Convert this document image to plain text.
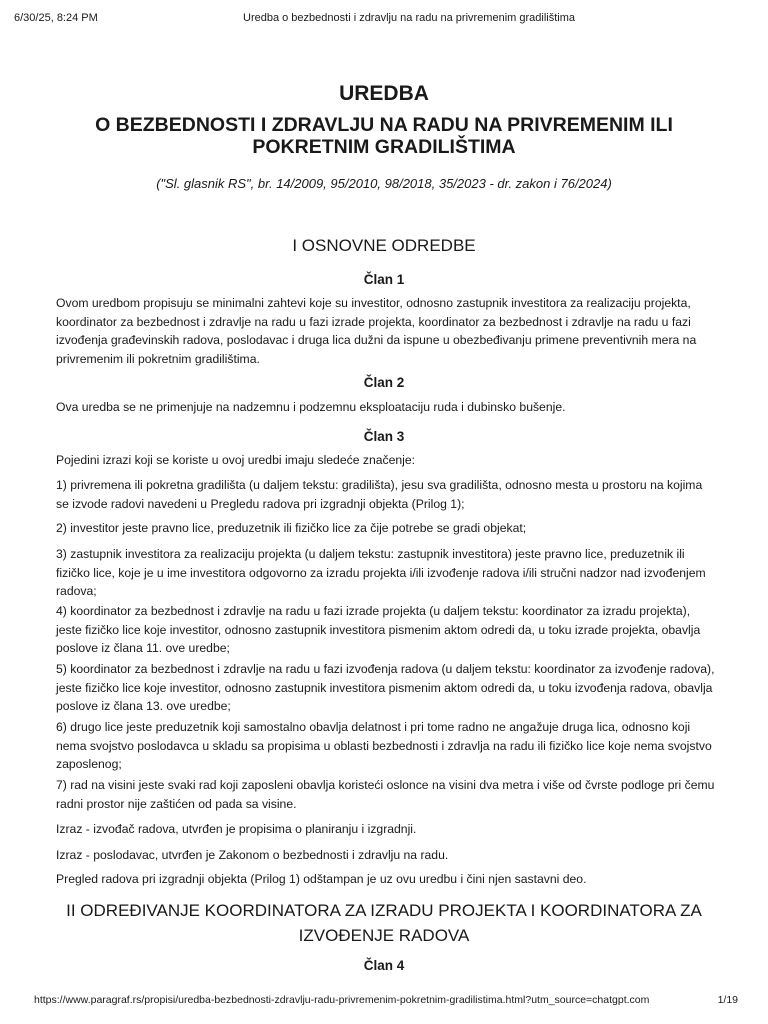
6/30/25, 8:24 PM	Uredba o bezbednosti i zdravlju na radu na privremenim gradilištima
UREDBA
O BEZBEDNOSTI I ZDRAVLJU NA RADU NA PRIVREMENIM ILI POKRETNIM GRADILIŠTIMA
("Sl. glasnik RS", br. 14/2009, 95/2010, 98/2018, 35/2023 - dr. zakon i 76/2024)
I OSNOVNE ODREDBE
Član 1
Ovom uredbom propisuju se minimalni zahtevi koje su investitor, odnosno zastupnik investitora za realizaciju projekta, koordinator za bezbednost i zdravlje na radu u fazi izrade projekta, koordinator za bezbednost i zdravlje na radu u fazi izvođenja građevinskih radova, poslodavac i druga lica dužni da ispune u obezbeđivanju primene preventivnih mera na privremenim ili pokretnim gradilištima.
Član 2
Ova uredba se ne primenjuje na nadzemnu i podzemnu eksploataciju ruda i dubinsko bušenje.
Član 3
Pojedini izrazi koji se koriste u ovoj uredbi imaju sledeće značenje:
1) privremena ili pokretna gradilišta (u daljem tekstu: gradilišta), jesu sva gradilišta, odnosno mesta u prostoru na kojima se izvode radovi navedeni u Pregledu radova pri izgradnji objekta (Prilog 1);
2) investitor jeste pravno lice, preduzetnik ili fizičko lice za čije potrebe se gradi objekat;
3) zastupnik investitora za realizaciju projekta (u daljem tekstu: zastupnik investitora) jeste pravno lice, preduzetnik ili fizičko lice, koje je u ime investitora odgovorno za izradu projekta i/ili izvođenje radova i/ili stručni nadzor nad izvođenjem radova;
4) koordinator za bezbednost i zdravlje na radu u fazi izrade projekta (u daljem tekstu: koordinator za izradu projekta), jeste fizičko lice koje investitor, odnosno zastupnik investitora pismenim aktom odredi da, u toku izrade projekta, obavlja poslove iz člana 11. ove uredbe;
5) koordinator za bezbednost i zdravlje na radu u fazi izvođenja radova (u daljem tekstu: koordinator za izvođenje radova), jeste fizičko lice koje investitor, odnosno zastupnik investitora pismenim aktom odredi da, u toku izvođenja radova, obavlja poslove iz člana 13. ove uredbe;
6) drugo lice jeste preduzetnik koji samostalno obavlja delatnost i pri tome radno ne angažuje druga lica, odnosno koji nema svojstvo poslodavca u skladu sa propisima u oblasti bezbednosti i zdravlja na radu ili fizičko lice koje nema svojstvo zaposlenog;
7) rad na visini jeste svaki rad koji zaposleni obavlja koristeći oslonce na visini dva metra i više od čvrste podloge pri čemu radni prostor nije zaštićen od pada sa visine.
Izraz - izvođač radova, utvrđen je propisima o planiranju i izgradnji.
Izraz - poslodavac, utvrđen je Zakonom o bezbednosti i zdravlju na radu.
Pregled radova pri izgradnji objekta (Prilog 1) odštampan je uz ovu uredbu i čini njen sastavni deo.
II ODREĐIVANJE KOORDINATORA ZA IZRADU PROJEKTA I KOORDINATORA ZA IZVOĐENJE RADOVA
Član 4
https://www.paragraf.rs/propisi/uredba-bezbednosti-zdravlju-radu-privremenim-pokretnim-gradilistima.html?utm_source=chatgpt.com	1/19
